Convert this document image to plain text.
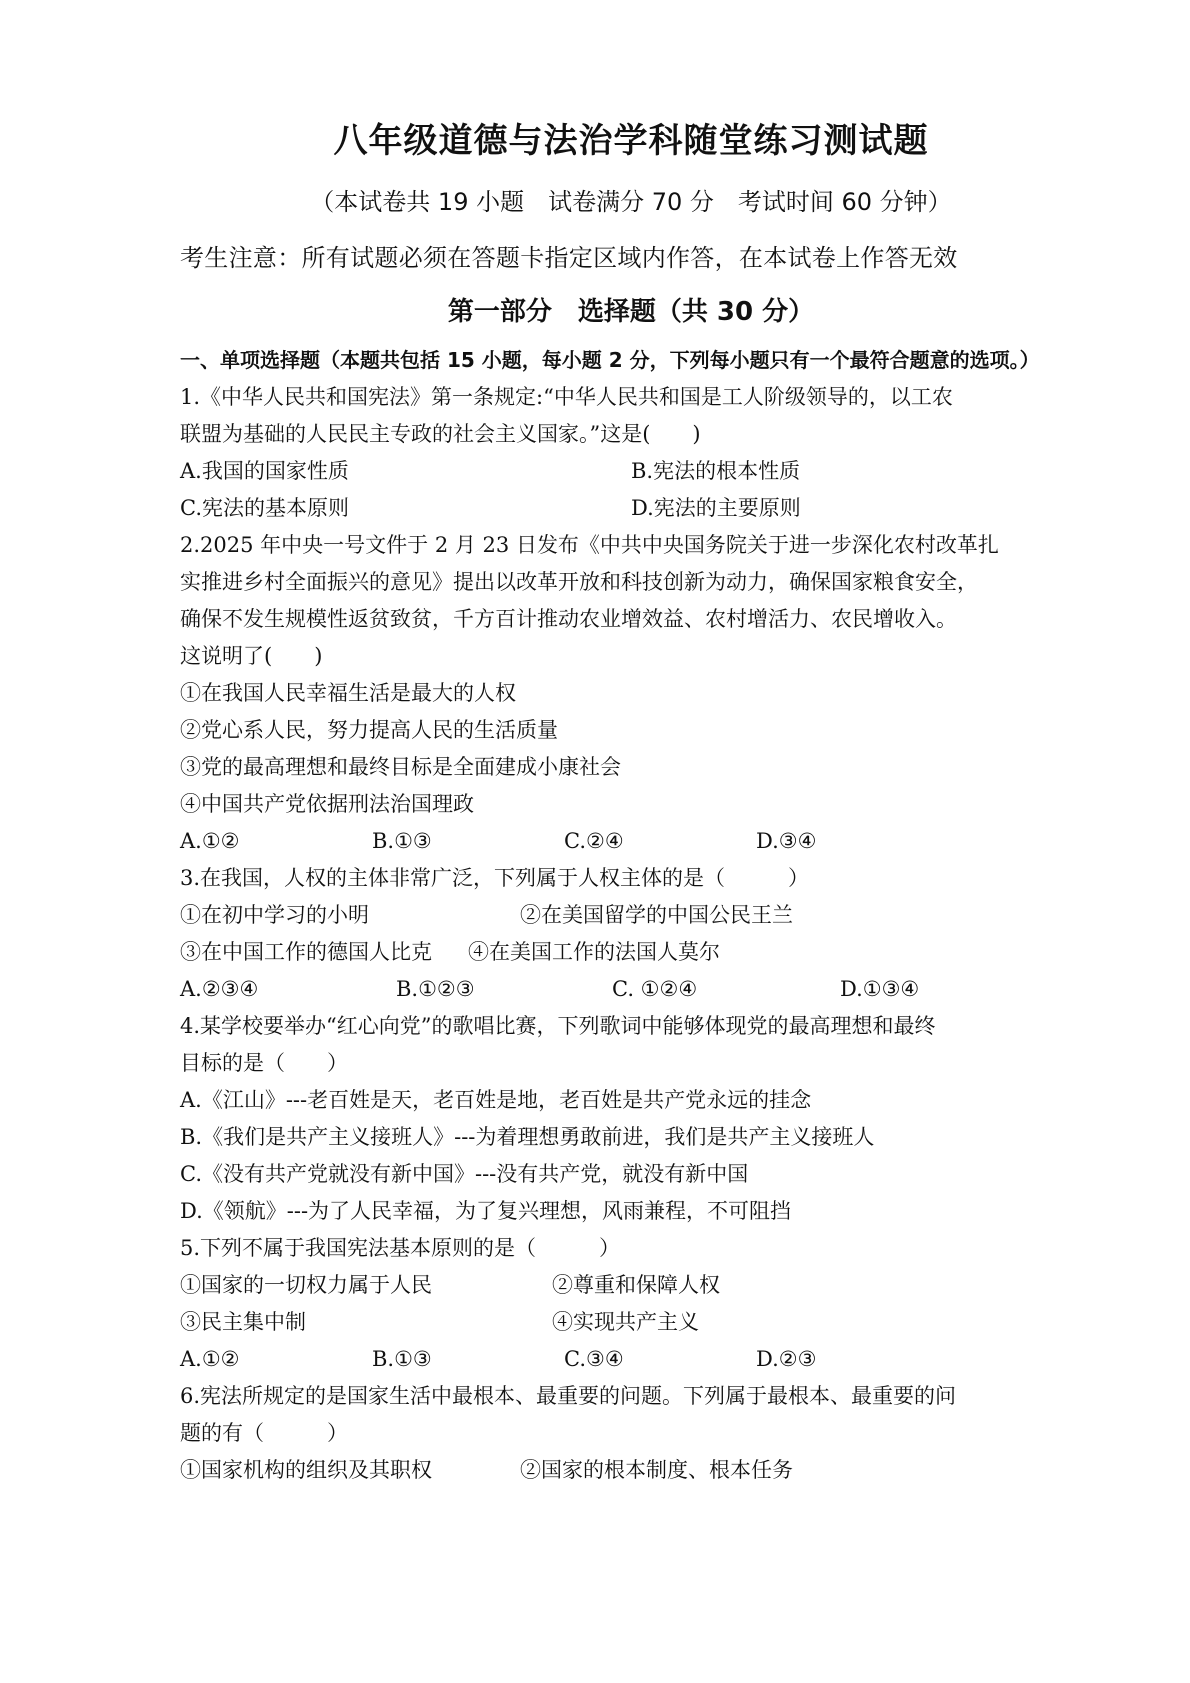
八年级道德与法治学科随堂练习测试题
（本试卷共 19 小题　试卷满分 70 分　考试时间 60 分钟）
考生注意：所有试题必须在答题卡指定区域内作答，在本试卷上作答无效
第一部分　选择题（共 30 分）
一、单项选择题（本题共包括 15 小题，每小题 2 分，下列每小题只有一个最符合题意的选项。）
1.《中华人民共和国宪法》第一条规定:“中华人民共和国是工人阶级领导的，以工农
联盟为基础的人民民主专政的社会主义国家。”这是(　　)
A.我国的国家性质	B.宪法的根本性质
C.宪法的基本原则	D.宪法的主要原则
2.2025 年中央一号文件于 2 月 23 日发布《中共中央国务院关于进一步深化农村改革扎
实推进乡村全面振兴的意见》提出以改革开放和科技创新为动力，确保国家粮食安全，
确保不发生规模性返贫致贫，千方百计推动农业增效益、农村增活力、农民增收入。
这说明了(　　)
①在我国人民幸福生活是最大的人权
②党心系人民，努力提高人民的生活质量
③党的最高理想和最终目标是全面建成小康社会
④中国共产党依据刑法治国理政
A.①②	B.①③	C.②④	D.③④
3.在我国，人权的主体非常广泛，下列属于人权主体的是（　　　）
①在初中学习的小明	②在美国留学的中国公民王兰
③在中国工作的德国人比克	④在美国工作的法国人莫尔
A.②③④	B.①②③	C. ①②④	D.①③④
4.某学校要举办“红心向党”的歌唱比赛，下列歌词中能够体现党的最高理想和最终
目标的是（　　）
A.《江山》---老百姓是天，老百姓是地，老百姓是共产党永远的挂念
B.《我们是共产主义接班人》---为着理想勇敢前进，我们是共产主义接班人
C.《没有共产党就没有新中国》---没有共产党，就没有新中国
D.《领航》---为了人民幸福，为了复兴理想，风雨兼程，不可阻挡
5.下列不属于我国宪法基本原则的是（　　　）
①国家的一切权力属于人民	②尊重和保障人权
③民主集中制	④实现共产主义
A.①②	B.①③	C.③④	D.②③
6.宪法所规定的是国家生活中最根本、最重要的问题。下列属于最根本、最重要的问
题的有（　　　）
①国家机构的组织及其职权	②国家的根本制度、根本任务
